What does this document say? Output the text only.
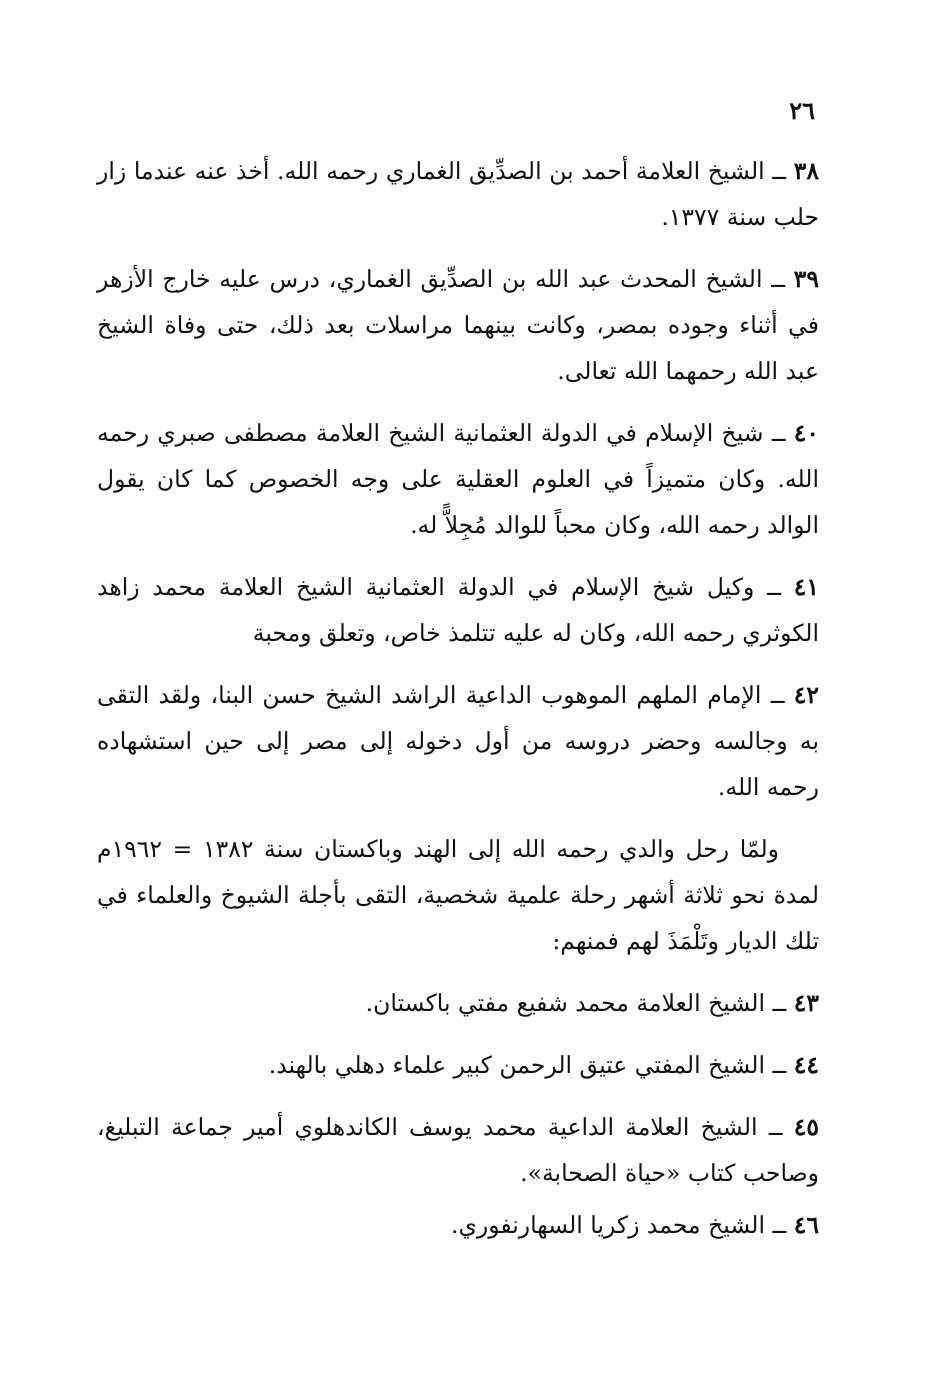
٢٦

٣٨ ــ الشيخ العلامة أحمد بن الصدِّيق الغماري رحمه الله. أخذ عنه عندما زار حلب سنة ١٣٧٧.

٣٩ ــ الشيخ المحدث عبد الله بن الصدِّيق الغماري، درس عليه خارج الأزهر في أثناء وجوده بمصر، وكانت بينهما مراسلات بعد ذلك، حتى وفاة الشيخ عبد الله رحمهما الله تعالى.

٤٠ ــ شيخ الإسلام في الدولة العثمانية الشيخ العلامة مصطفى صبري رحمه الله. وكان متميزاً في العلوم العقلية على وجه الخصوص كما كان يقول الوالد رحمه الله، وكان محباً للوالد مُجِلاًّ له.

٤١ ــ وكيل شيخ الإسلام في الدولة العثمانية الشيخ العلامة محمد زاهد الكوثري رحمه الله، وكان له عليه تتلمذ خاص، وتعلق ومحبة

٤٢ ــ الإمام الملهم الموهوب الداعية الراشد الشيخ حسن البنا، ولقد التقى به وجالسه وحضر دروسه من أول دخوله إلى مصر إلى حين استشهاده رحمه الله.

ولمّا رحل والدي رحمه الله إلى الهند وباكستان سنة ١٣٨٢ = ١٩٦٢م لمدة نحو ثلاثة أشهر رحلة علمية شخصية، التقى بأجلة الشيوخ والعلماء في تلك الديار وتَلْمَذَ لهم فمنهم:

٤٣ ــ الشيخ العلامة محمد شفيع مفتي باكستان.

٤٤ ــ الشيخ المفتي عتيق الرحمن كبير علماء دهلي بالهند.

٤٥ ــ الشيخ العلامة الداعية محمد يوسف الكاندهلوي أمير جماعة التبليغ، وصاحب كتاب «حياة الصحابة».

٤٦ ــ الشيخ محمد زكريا السهارنفوري.
